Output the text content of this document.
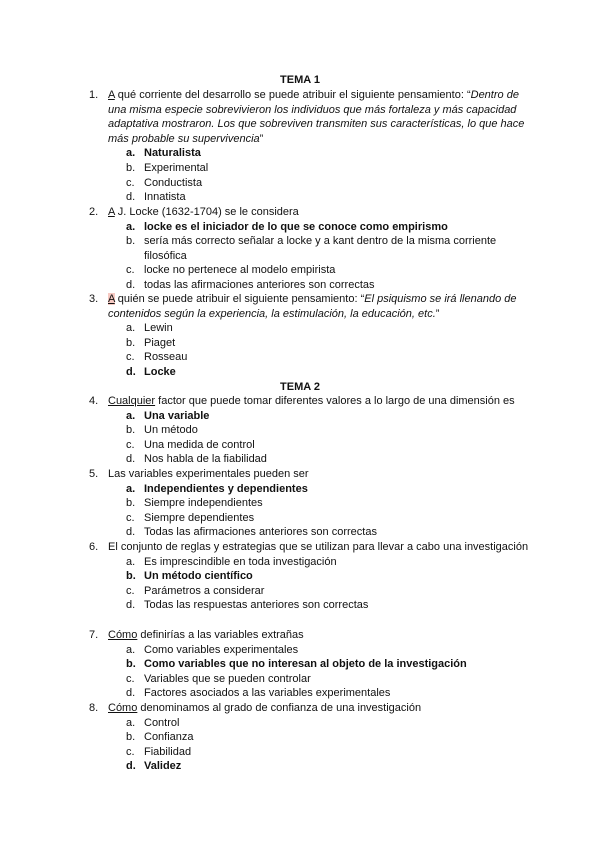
TEMA 1
1. A qué corriente del desarrollo se puede atribuir el siguiente pensamiento: “Dentro de una misma especie sobrevivieron los individuos que más fortaleza y más capacidad adaptativa mostraron. Los que sobreviven transmiten sus características, lo que hace más probable su supervivencia”
a. Naturalista
b. Experimental
c. Conductista
d. Innatista
2. A J. Locke (1632-1704) se le considera
a. locke es el iniciador de lo que se conoce como empirismo
b. sería más correcto señalar a locke y a kant dentro de la misma corriente filosófica
c. locke no pertenece al modelo empirista
d. todas las afirmaciones anteriores son correctas
3. A quién se puede atribuir el siguiente pensamiento: “El psiquismo se irá llenando de contenidos según la experiencia, la estimulación, la educación, etc.”
a. Lewin
b. Piaget
c. Rosseau
d. Locke
TEMA 2
4. Cualquier factor que puede tomar diferentes valores a lo largo de una dimensión es
a. Una variable
b. Un método
c. Una medida de control
d. Nos habla de la fiabilidad
5. Las variables experimentales pueden ser
a. Independientes y dependientes
b. Siempre independientes
c. Siempre dependientes
d. Todas las afirmaciones anteriores son correctas
6. El conjunto de reglas y estrategias que se utilizan para llevar a cabo una investigación
a. Es imprescindible en toda investigación
b. Un método científico
c. Parámetros a considerar
d. Todas las respuestas anteriores son correctas
7. Cómo definirías a las variables extrañas
a. Como variables experimentales
b. Como variables que no interesan al objeto de la investigación
c. Variables que se pueden controlar
d. Factores asociados a las variables experimentales
8. Cómo denominamos al grado de confianza de una investigación
a. Control
b. Confianza
c. Fiabilidad
d. Validez
